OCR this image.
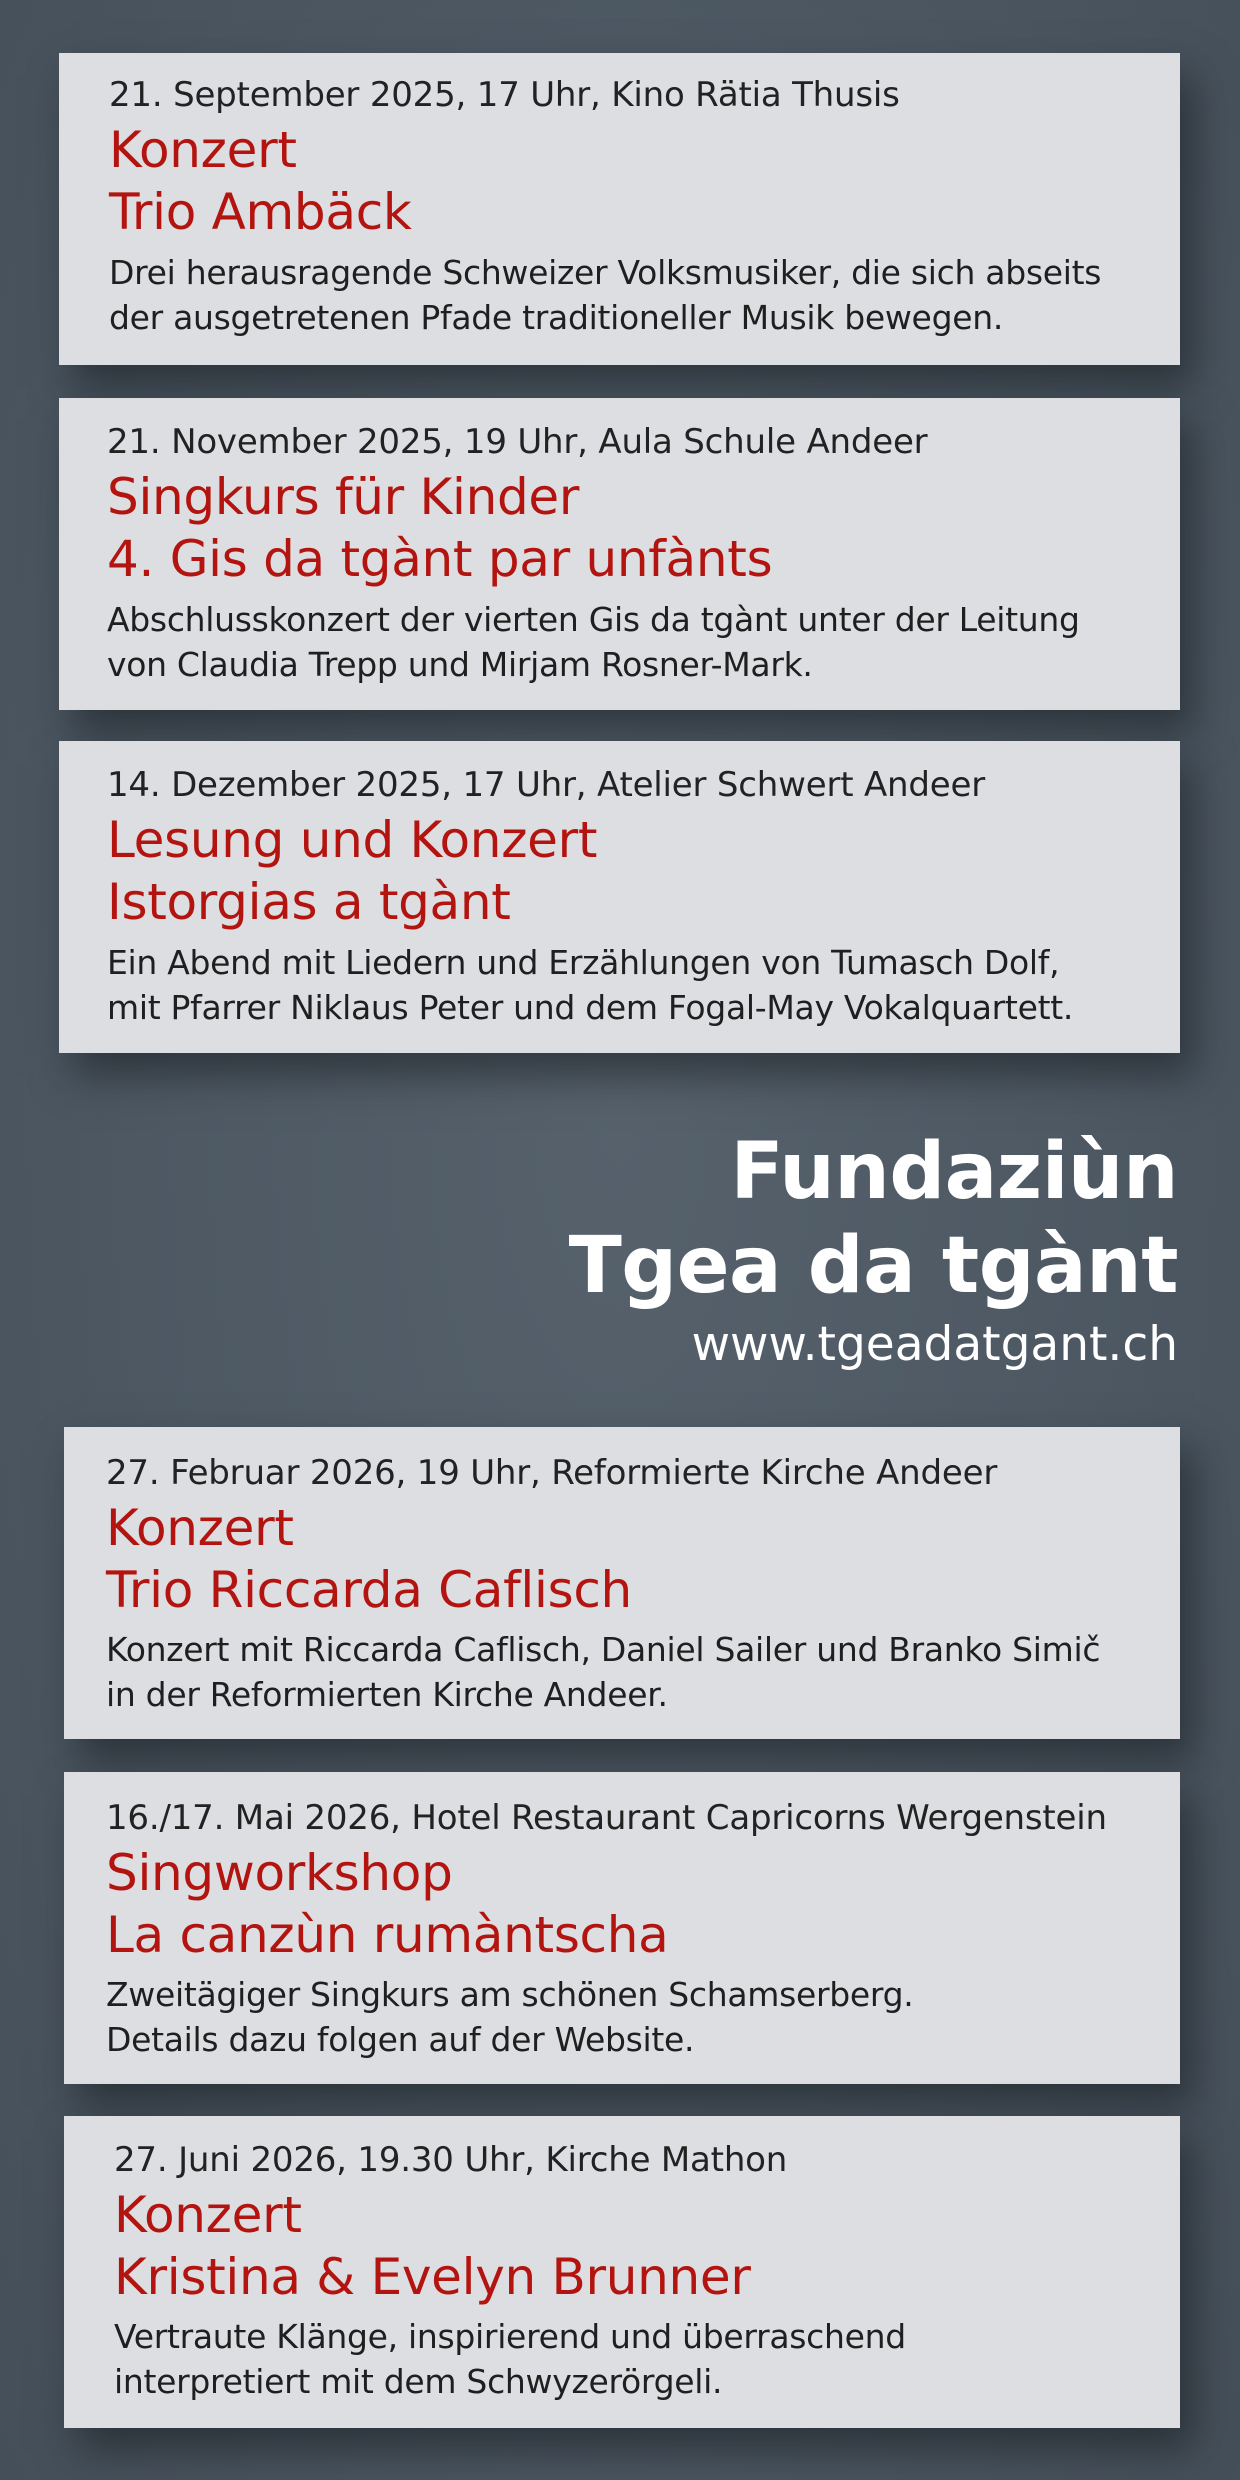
21. September 2025, 17 Uhr, Kino Rätia Thusis
Konzert
Trio Ambäck
Drei herausragende Schweizer Volksmusiker, die sich abseits
der ausgetretenen Pfade traditioneller Musik bewegen.
21. November 2025, 19 Uhr, Aula Schule Andeer
Singkurs für Kinder
4. Gis da tgànt par unfànts
Abschlusskonzert der vierten Gis da tgànt unter der Leitung
von Claudia Trepp und Mirjam Rosner-Mark.
14. Dezember 2025, 17 Uhr, Atelier Schwert Andeer
Lesung und Konzert
Istorgias a tgànt
Ein Abend mit Liedern und Erzählungen von Tumasch Dolf,
mit Pfarrer Niklaus Peter und dem Fogal-May Vokalquartett.
Fundaziùn
Tgea da tgànt
www.tgeadatgant.ch
27. Februar 2026, 19 Uhr, Reformierte Kirche Andeer
Konzert
Trio Riccarda Caflisch
Konzert mit Riccarda Caflisch, Daniel Sailer und Branko Simič
in der Reformierten Kirche Andeer.
16./17. Mai 2026, Hotel Restaurant Capricorns Wergenstein
Singworkshop
La canzùn rumàntscha
Zweitägiger Singkurs am schönen Schamserberg.
Details dazu folgen auf der Website.
27. Juni 2026, 19.30 Uhr, Kirche Mathon
Konzert
Kristina & Evelyn Brunner
Vertraute Klänge, inspirierend und überraschend
interpretiert mit dem Schwyzerörgeli.
